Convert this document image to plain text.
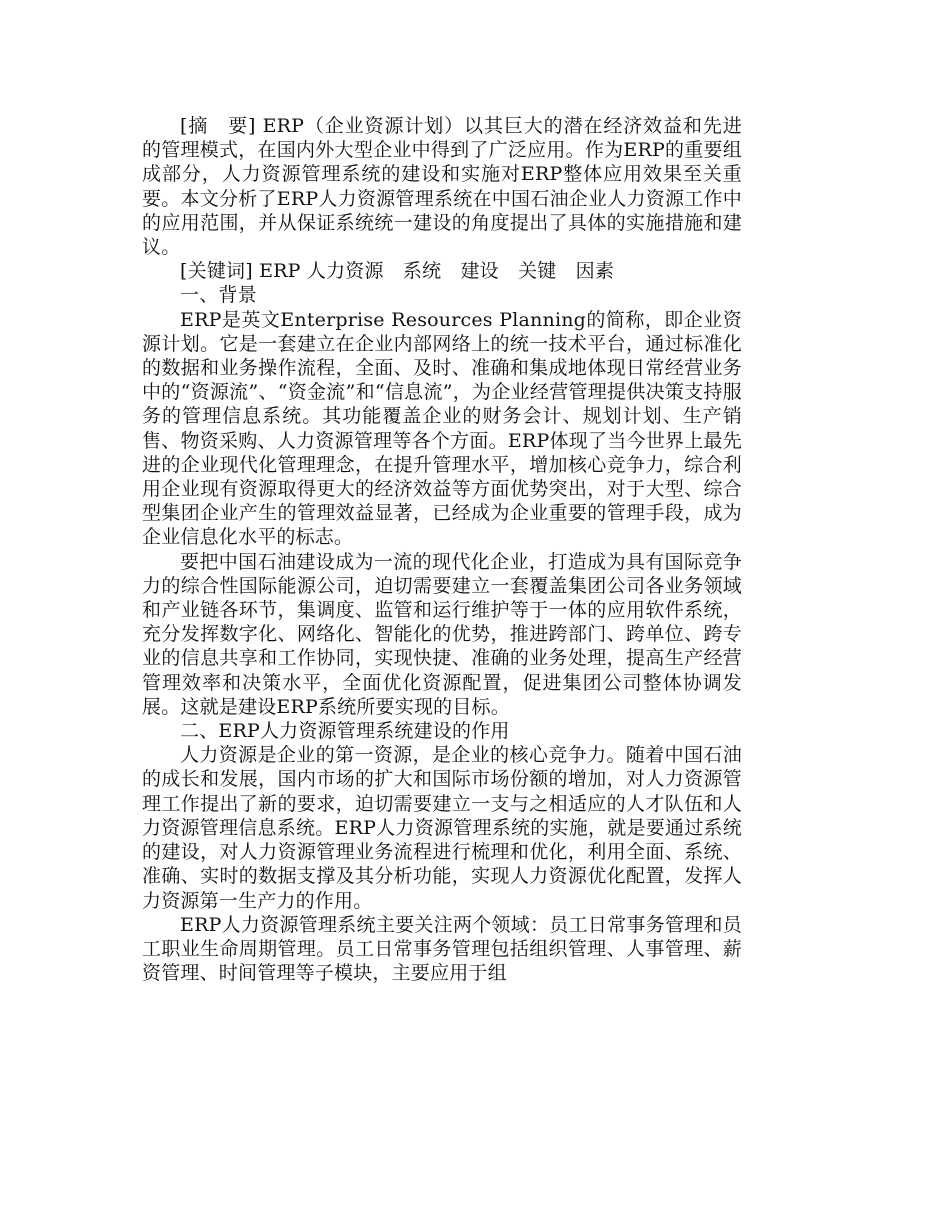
[摘　要] ERP（企业资源计划）以其巨大的潜在经济效益和先进的管理模式，在国内外大型企业中得到了广泛应用。作为ERP的重要组成部分，人力资源管理系统的建设和实施对ERP整体应用效果至关重要。本文分析了ERP人力资源管理系统在中国石油企业人力资源工作中的应用范围，并从保证系统统一建设的角度提出了具体的实施措施和建议。

[关键词] ERP 人力资源　系统　建设　关键　因素

一、背景

ERP是英文Enterprise Resources Planning的简称，即企业资源计划。它是一套建立在企业内部网络上的统一技术平台，通过标准化的数据和业务操作流程，全面、及时、准确和集成地体现日常经营业务中的“资源流”、“资金流”和“信息流”，为企业经营管理提供决策支持服务的管理信息系统。其功能覆盖企业的财务会计、规划计划、生产销售、物资采购、人力资源管理等各个方面。ERP体现了当今世界上最先进的企业现代化管理理念，在提升管理水平，增加核心竞争力，综合利用企业现有资源取得更大的经济效益等方面优势突出，对于大型、综合型集团企业产生的管理效益显著，已经成为企业重要的管理手段，成为企业信息化水平的标志。

要把中国石油建设成为一流的现代化企业，打造成为具有国际竞争力的综合性国际能源公司，迫切需要建立一套覆盖集团公司各业务领域和产业链各环节，集调度、监管和运行维护等于一体的应用软件系统，充分发挥数字化、网络化、智能化的优势，推进跨部门、跨单位、跨专业的信息共享和工作协同，实现快捷、准确的业务处理，提高生产经营管理效率和决策水平，全面优化资源配置，促进集团公司整体协调发展。这就是建设ERP系统所要实现的目标。

二、ERP人力资源管理系统建设的作用

人力资源是企业的第一资源，是企业的核心竞争力。随着中国石油的成长和发展，国内市场的扩大和国际市场份额的增加，对人力资源管理工作提出了新的要求，迫切需要建立一支与之相适应的人才队伍和人力资源管理信息系统。ERP人力资源管理系统的实施，就是要通过系统的建设，对人力资源管理业务流程进行梳理和优化，利用全面、系统、准确、实时的数据支撑及其分析功能，实现人力资源优化配置，发挥人力资源第一生产力的作用。

ERP人力资源管理系统主要关注两个领域：员工日常事务管理和员工职业生命周期管理。员工日常事务管理包括组织管理、人事管理、薪资管理、时间管理等子模块，主要应用于组
